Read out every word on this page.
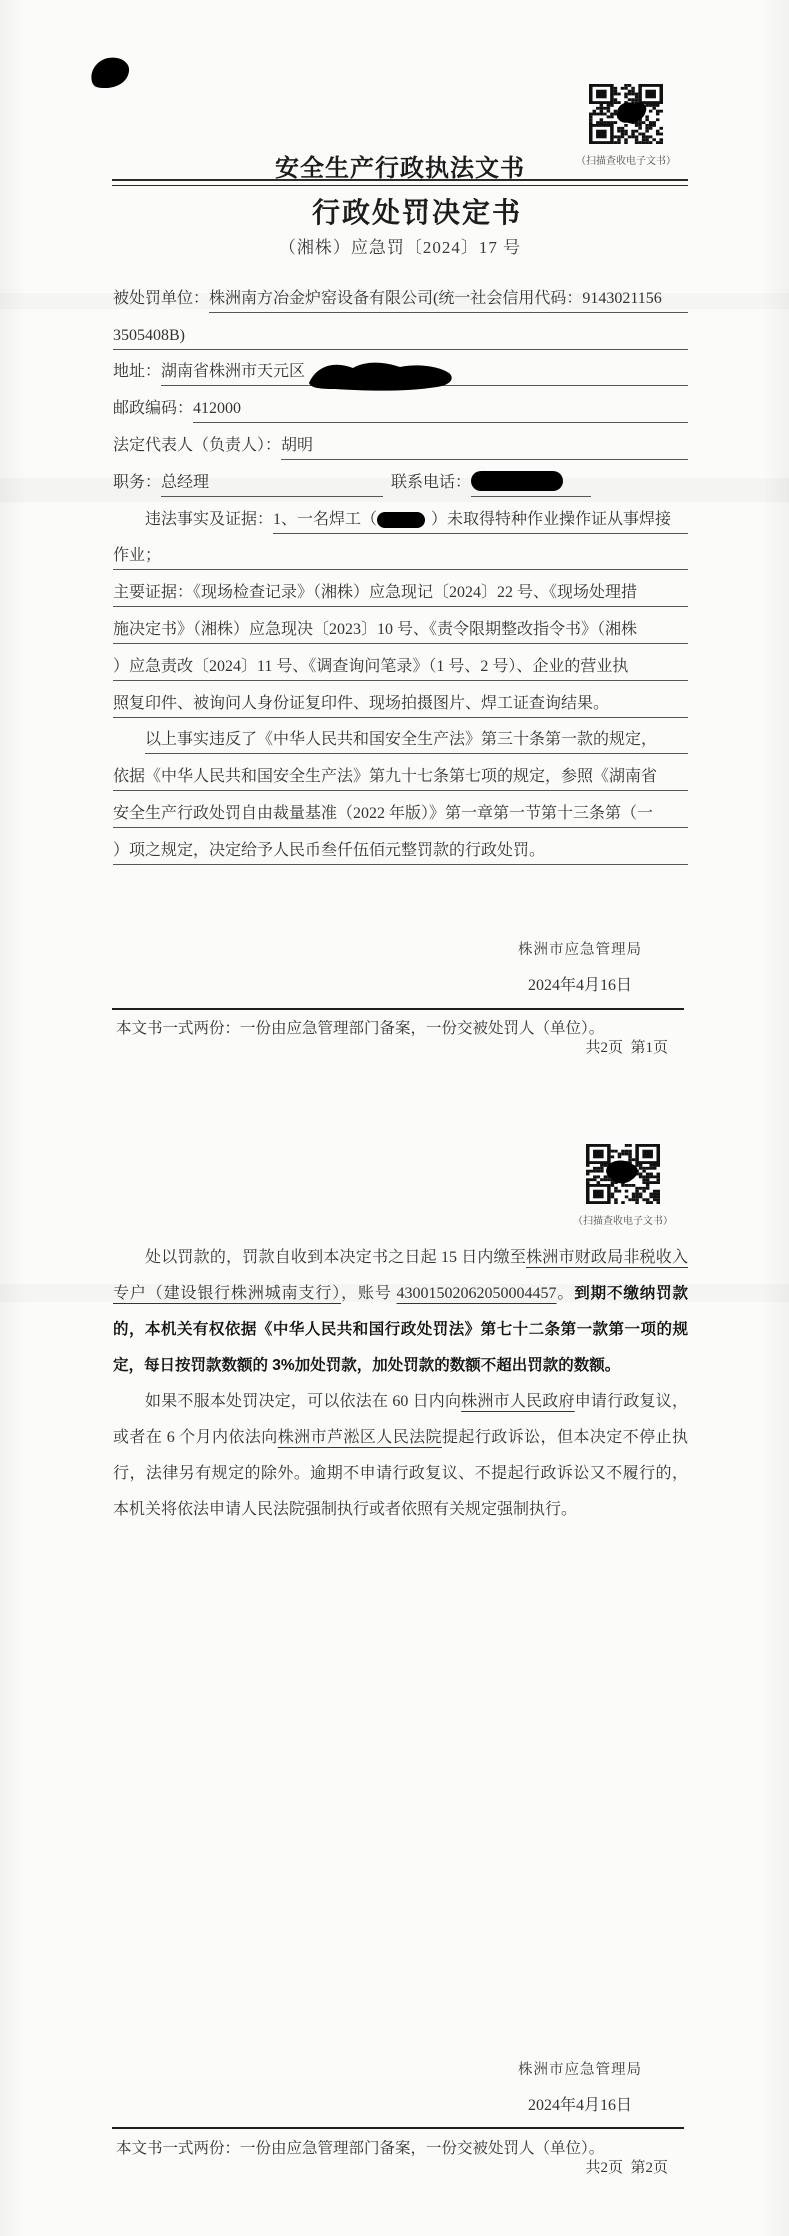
（扫描查收电子文书）
安全生产行政执法文书
行政处罚决定书
（湘株）应急罚〔2024〕17 号
被处罚单位： 株洲南方冶金炉窑设备有限公司(统一社会信用代码：9143021156
3505408B)
地址： 湖南省株洲市天元区
邮政编码： 412000
法定代表人（负责人）： 胡明
职务： 总经理	联系电话：
违法事实及证据： 1、一名焊工（	）未取得特种作业操作证从事焊接
作业；
主要证据：《现场检查记录》（湘株）应急现记〔2024〕22 号、《现场处理措
施决定书》（湘株）应急现决〔2023〕10 号、《责令限期整改指令书》（湘株
）应急责改〔2024〕11 号、《调查询问笔录》（1 号、2 号）、企业的营业执
照复印件、被询问人身份证复印件、现场拍摄图片、焊工证查询结果。
以上事实违反了《中华人民共和国安全生产法》第三十条第一款的规定，
依据《中华人民共和国安全生产法》第九十七条第七项的规定，参照《湖南省
安全生产行政处罚自由裁量基准（2022 年版）》第一章第一节第十三条第（一
）项之规定，决定给予人民币叁仟伍佰元整罚款的行政处罚。
株洲市应急管理局
2024年4月16日
本文书一式两份：一份由应急管理部门备案，一份交被处罚人（单位）。
共2页  第1页
（扫描查收电子文书）

处以罚款的，罚款自收到本决定书之日起 15 日内缴至株洲市财政局非税收入专户（建设银行株洲城南支行），账号 43001502062050004457。到期不缴纳罚款的，本机关有权依据《中华人民共和国行政处罚法》第七十二条第一款第一项的规定，每日按罚款数额的 3%加处罚款，加处罚款的数额不超出罚款的数额。

如果不服本处罚决定，可以依法在 60 日内向株洲市人民政府申请行政复议，或者在 6 个月内依法向株洲市芦淞区人民法院提起行政诉讼，但本决定不停止执行，法律另有规定的除外。逾期不申请行政复议、不提起行政诉讼又不履行的，本机关将依法申请人民法院强制执行或者依照有关规定强制执行。

株洲市应急管理局
2024年4月16日
本文书一式两份：一份由应急管理部门备案，一份交被处罚人（单位）。
共2页  第2页
